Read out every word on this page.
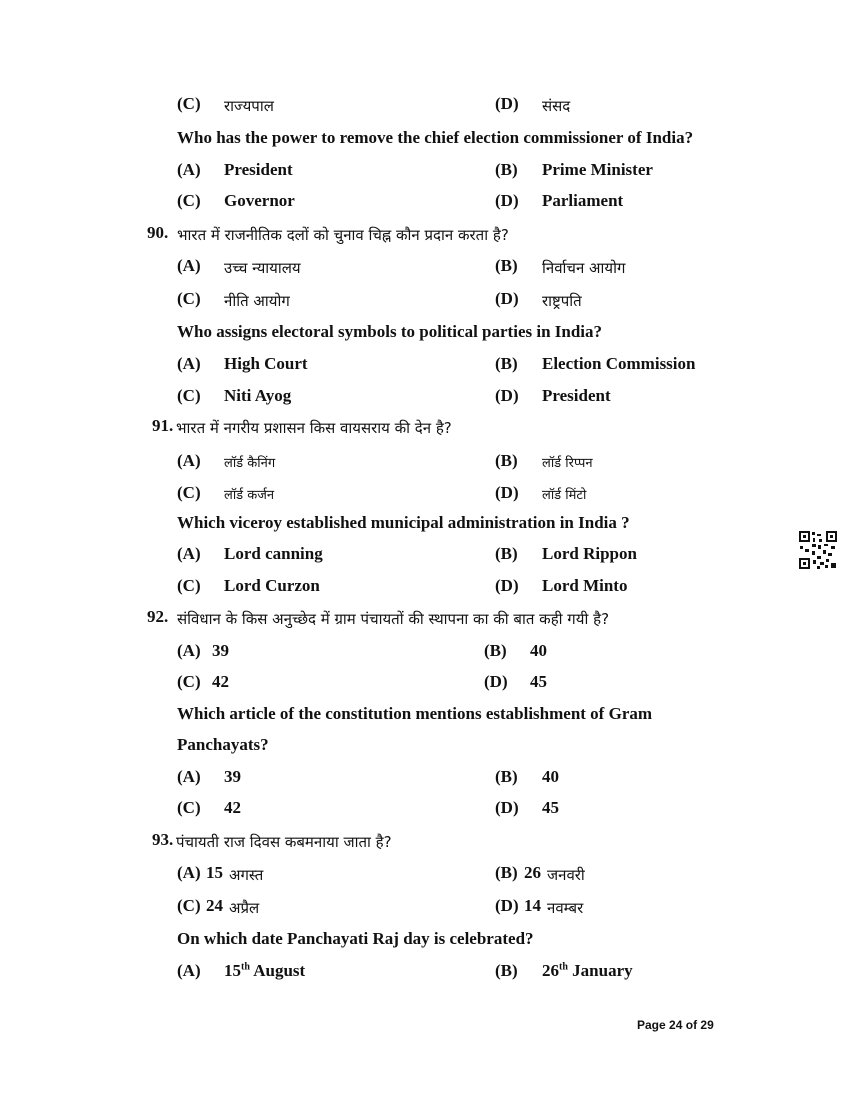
(C) राज्यपाल	(D) संसद
Who has the power to remove the chief election commissioner of India?
(A) President	(B) Prime Minister
(C) Governor	(D) Parliament
90. भारत में राजनीतिक दलों को चुनाव चिह्न कौन प्रदान करता है?
(A) उच्च न्यायालय	(B) निर्वाचन आयोग
(C) नीति आयोग	(D) राष्ट्रपति
Who assigns electoral symbols to political parties in India?
(A) High Court	(B) Election Commission
(C) Niti Ayog	(D) President
91. भारत में नगरीय प्रशासन किस वायसराय की देन है?
(A) लॉर्ड कैनिंग	(B) लॉर्ड रिप्पन
(C) लॉर्ड कर्जन	(D) लॉर्ड मिंटो
Which viceroy established municipal administration in India ?
(A) Lord canning	(B) Lord Rippon
(C) Lord Curzon	(D) Lord Minto
92. संविधान के किस अनुच्छेद में ग्राम पंचायतों की स्थापना का की बात कही गयी है?
(A) 39	(B) 40
(C) 42	(D) 45
Which article of the constitution mentions establishment of Gram
Panchayats?
(A) 39	(B) 40
(C) 42	(D) 45
93. पंचायती राज दिवस कबमनाया जाता है?
(A) 15 अगस्त	(B) 26 जनवरी
(C) 24 अप्रैल	(D) 14 नवम्बर
On which date Panchayati Raj day is celebrated?
(A) 15th August	(B) 26th January
Page 24 of 29
